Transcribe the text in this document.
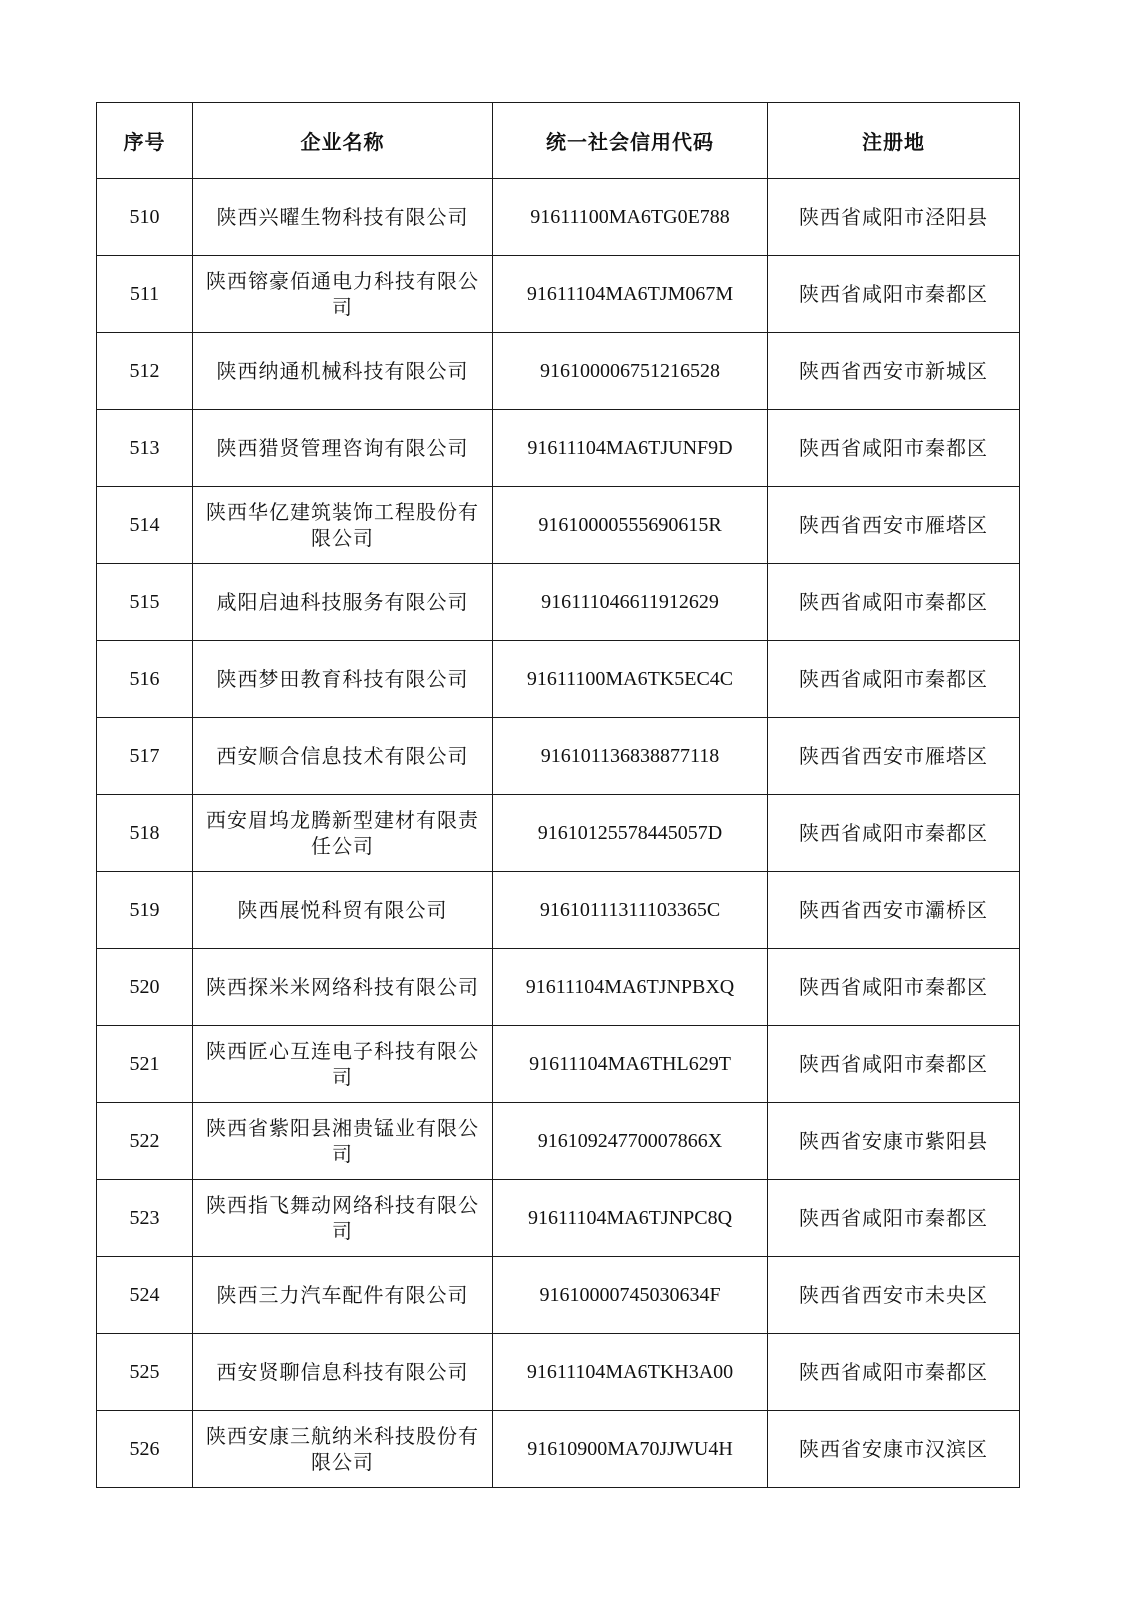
序号	企业名称	统一社会信用代码	注册地
510	陕西兴曜生物科技有限公司	91611100MA6TG0E788	陕西省咸阳市泾阳县
511	陕西镕豪佰通电力科技有限公司	91611104MA6TJM067M	陕西省咸阳市秦都区
512	陕西纳通机械科技有限公司	916100006751216528	陕西省西安市新城区
513	陕西猎贤管理咨询有限公司	91611104MA6TJUNF9D	陕西省咸阳市秦都区
514	陕西华亿建筑装饰工程股份有限公司	91610000555690615R	陕西省西安市雁塔区
515	咸阳启迪科技服务有限公司	916111046611912629	陕西省咸阳市秦都区
516	陕西梦田教育科技有限公司	91611100MA6TK5EC4C	陕西省咸阳市秦都区
517	西安顺合信息技术有限公司	916101136838877118	陕西省西安市雁塔区
518	西安眉坞龙腾新型建材有限责任公司	91610125578445057D	陕西省咸阳市秦都区
519	陕西展悦科贸有限公司	91610111311103365C	陕西省西安市灞桥区
520	陕西探米米网络科技有限公司	91611104MA6TJNPBXQ	陕西省咸阳市秦都区
521	陕西匠心互连电子科技有限公司	91611104MA6THL629T	陕西省咸阳市秦都区
522	陕西省紫阳县湘贵锰业有限公司	91610924770007866X	陕西省安康市紫阳县
523	陕西指飞舞动网络科技有限公司	91611104MA6TJNPC8Q	陕西省咸阳市秦都区
524	陕西三力汽车配件有限公司	91610000745030634F	陕西省西安市未央区
525	西安贤聊信息科技有限公司	91611104MA6TKH3A00	陕西省咸阳市秦都区
526	陕西安康三航纳米科技股份有限公司	91610900MA70JJWU4H	陕西省安康市汉滨区
